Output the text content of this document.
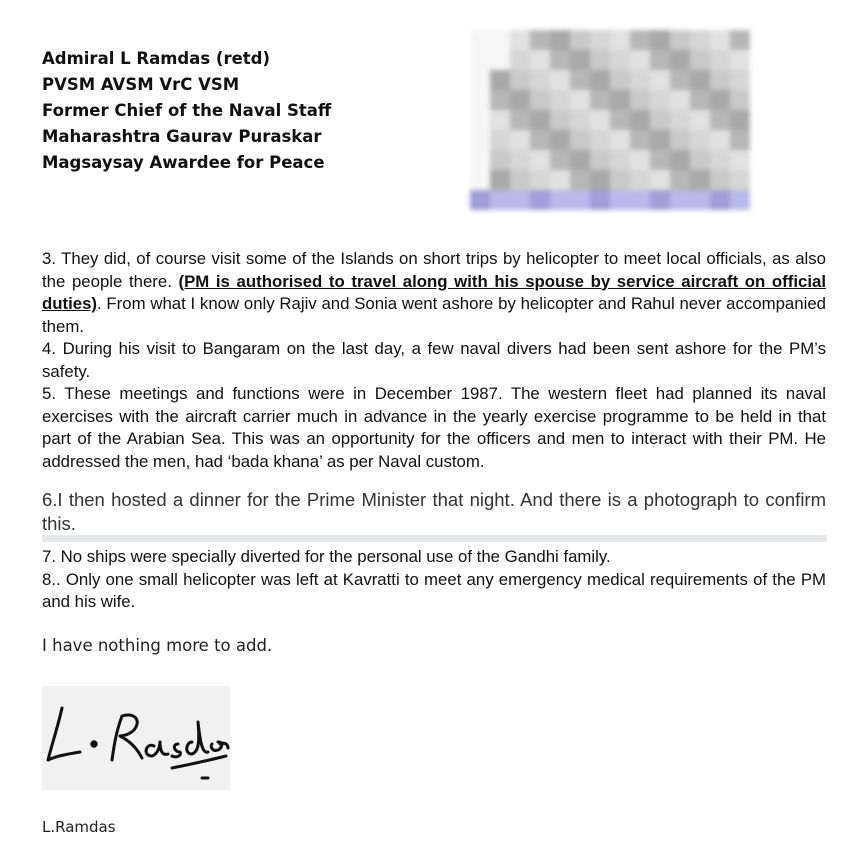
Admiral L Ramdas (retd)
PVSM AVSM VrC VSM
Former Chief of the Naval Staff
Maharashtra Gaurav Puraskar
Magsaysay Awardee for Peace

3. They did, of course visit some of the Islands on short trips by helicopter to meet local officials, as also the people there. (PM is authorised to travel along with his spouse by service aircraft on official duties). From what I know only Rajiv and Sonia went ashore by helicopter and Rahul never accompanied them.

4. During his visit to Bangaram on the last day, a few naval divers had been sent ashore for the PM’s safety.

5. These meetings and functions were in December 1987. The western fleet had planned its naval exercises with the aircraft carrier much in advance in the yearly exercise programme to be held in that part of the Arabian Sea. This was an opportunity for the officers and men to interact with their PM. He addressed the men, had ‘bada khana’ as per Naval custom.

6.I then hosted a dinner for the Prime Minister that night. And there is a photograph to confirm this.

7. No ships were specially diverted for the personal use of the Gandhi family.

8.. Only one small helicopter was left at Kavratti to meet any emergency medical requirements of the PM and his wife.

I have nothing more to add.
L.Ramdas
